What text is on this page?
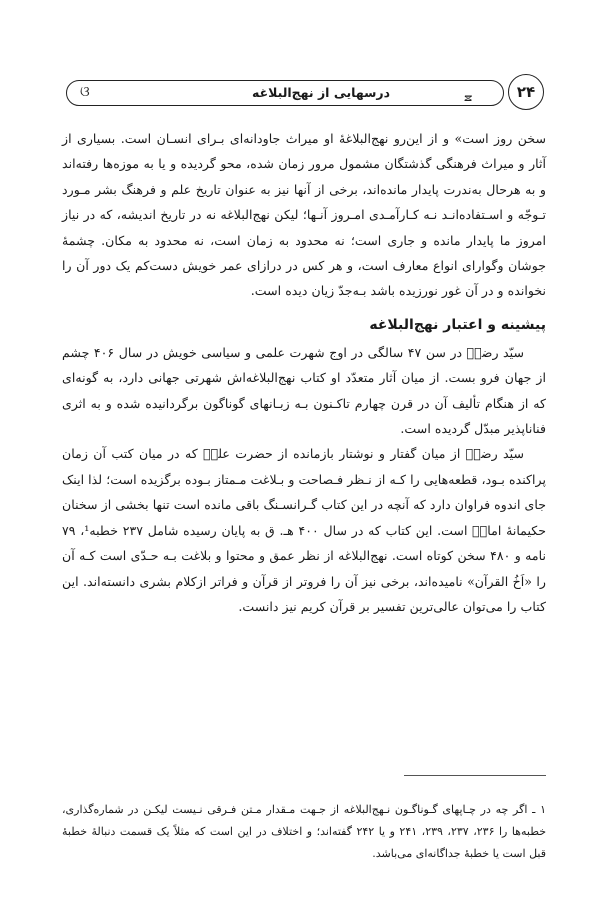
ଓ	درسهایی از نهج‌البلاغه
ྈ	۲۴

سخن روز است» و از این‌رو نهج‌البلاغهٔ او میراث جاودانه‌ای بـرای انسـان است. بسیاری از آثار و میراث فرهنگی گذشتگان مشمول مرور زمان شده، محو گردیده و یا به موزه‌ها رفته‌اند و به هرحال به‌ندرت پایدار مانده‌اند، برخی از آنها نیز به عنوان تاریخ علم و فرهنگ بشر مـورد تـوجّه و اسـتفاده‌انـد نـه کـارآمـدی امـروز آنـها؛ لیکن نهج‌البلاغه نه در تاریخ اندیشه، که در نیاز امروز ما پایدار مانده و جاری است؛ نه محدود به زمان است، نه محدود به مکان. چشمهٔ جوشان وگوارای انواع معارف است، و هر کس در درازای عمر خویش دست‌کم یک دور آن را نخوانده و در آن غور نورزیده باشد بـه‌جدّ زیان دیده است.

پیشینه و اعتبار نهج‌البلاغه

سیّد رضیؒ در سن ۴۷ سالگی در اوج شهرت علمی و سیاسی خویش در سال ۴۰۶ چشم از جهان فرو بست. از میان آثار متعدّد او کتاب نهج‌البلاغه‌اش شهرتی جهانی دارد، به گونه‌ای که از هنگام تألیف آن در قرن چهارم تاکـنون بـه زبـانهای گوناگون برگردانیده شده و به اثری فناناپذیر مبدّل گردیده است.

سیّد رضیؒ از میان گفتار و نوشتار بازمانده از حضرت علیؑ که در میان کتب آن زمان پراکنده بـود، قطعه‌هایی را کـه از نـظر فـصاحت و بـلاغت مـمتاز بـوده برگزیده است؛ لذا اینک جای اندوه فراوان دارد که آنچه در این کتاب گـرانسـنگ باقی مانده است تنها بخشی از سخنان حکیمانهٔ امامؑ است. این کتاب که در سال ۴۰۰ هـ. ق به پایان رسیده شامل ۲۳۷ خطبه¹، ۷۹ نامه و ۴۸۰ سخن کوتاه است. نهج‌البلاغه از نظر عمق و محتوا و بلاغت بـه حـدّی است کـه آن را «اَخُ القرآن» نامیده‌اند، برخی نیز آن را فروتر از قرآن و فراتر ازکلام بشری دانسته‌اند. این کتاب را می‌توان عالی‌ترین تفسیر بر قرآن کریم نیز دانست.

۱ ـ اگر چه در چـاپهای گـوناگـون نـهج‌البلاغه از جـهت مـقدار مـتن فـرقی نـیست لیکـن در شماره‌گذاری، خطبه‌ها را ۲۳۶، ۲۳۷، ۲۳۹، ۲۴۱ و یا ۲۴۲ گفته‌اند؛ و اختلاف در این است که مثلاً یک قسمت دنبالهٔ خطبهٔ قبل است یا خطبهٔ جداگانه‌ای می‌باشد.
